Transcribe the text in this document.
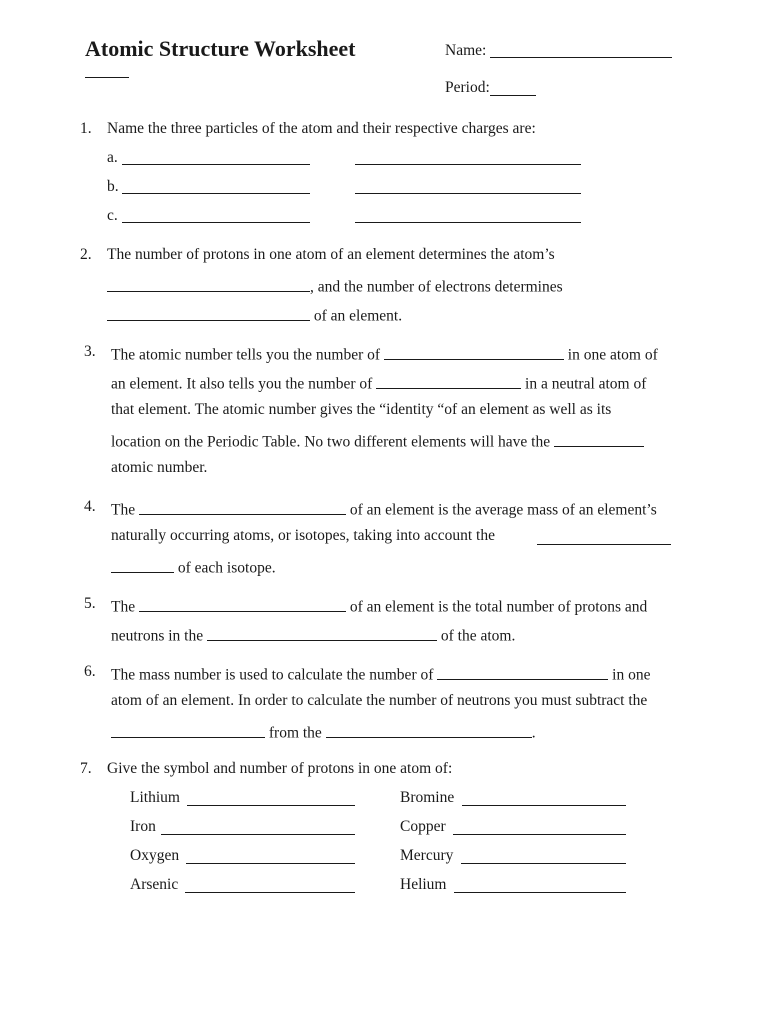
Atomic Structure Worksheet	Name:
Period:
1. Name the three particles of the atom and their respective charges are:
a.
b.
c.
2. The number of protons in one atom of an element determines the atom’s
, and the number of electrons determines
of an element.
3. The atomic number tells you the number of	in one atom of
an element. It also tells you the number of	in a neutral atom of
that element. The atomic number gives the “identity “of an element as well as its
location on the Periodic Table. No two different elements will have the
atomic number.
4. The	of an element is the average mass of an element’s
naturally occurring atoms, or isotopes, taking into account the
of each isotope.
5. The	of an element is the total number of protons and
neutrons in the	of the atom.
6. The mass number is used to calculate the number of	in one
atom of an element. In order to calculate the number of neutrons you must subtract the
from the	.
7. Give the symbol and number of protons in one atom of:
Lithium	Bromine
Iron	Copper
Oxygen	Mercury
Arsenic	Helium
